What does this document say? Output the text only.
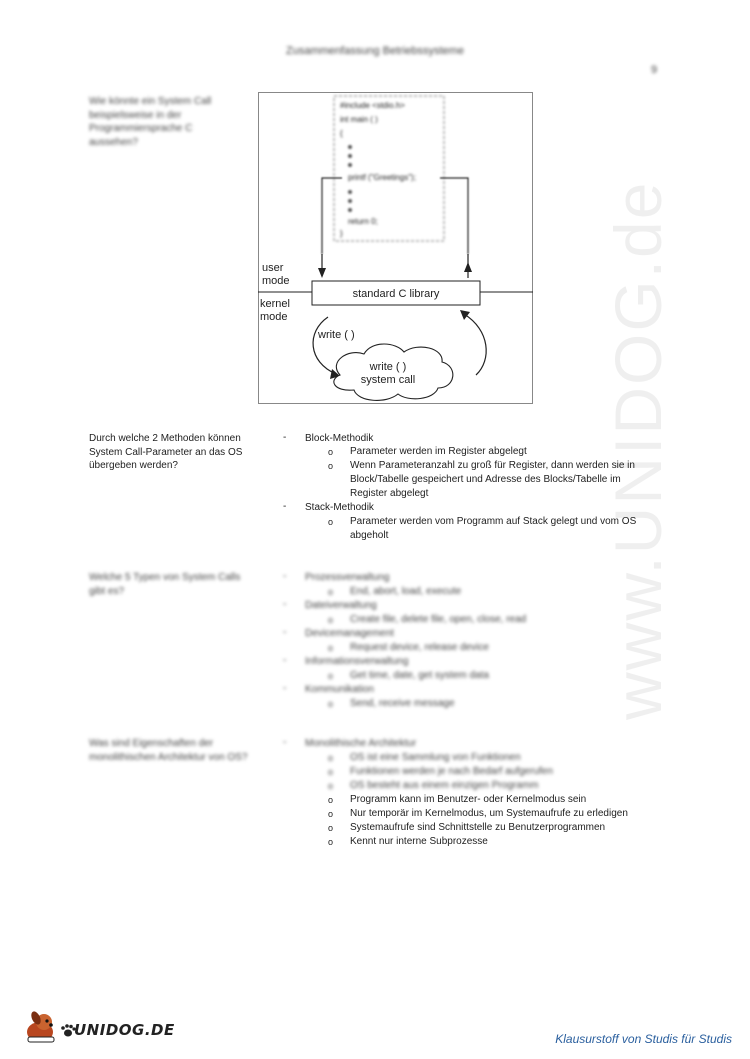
Zusammenfassung Betriebssysteme
9
www.UNIDOG.de
Wie könnte ein System Call beispielsweise in der Programmiersprache C aussehen?
#include <stdio.h>
int main ( )
{
printf ("Greetings");
return 0;
}
user mode
kernel mode
standard C library
write ( )
write ( ) system call
Durch welche 2 Methoden können System Call-Parameter an das OS übergeben werden?
- Block-Methodik
o Parameter werden im Register abgelegt
o Wenn Parameteranzahl zu groß für Register, dann werden sie in Block/Tabelle gespeichert und Adresse des Blocks/Tabelle im Register abgelegt
- Stack-Methodik
o Parameter werden vom Programm auf Stack gelegt und vom OS abgeholt
Welche 5 Typen von System Calls gibt es?
- Prozessverwaltung
o End, abort, load, execute
- Dateiverwaltung
o Create file, delete file, open, close, read
- Devicemanagement
o Request device, release device
- Informationsverwaltung
o Get time, date, get system data
- Kommunikation
o Send, receive message
Was sind Eigenschaften der monolithischen Architektur von OS?
- Monolithische Architektur
o OS ist eine Sammlung von Funktionen
o Funktionen werden je nach Bedarf aufgerufen
o OS besteht aus einem einzigen Programm
o Programm kann im Benutzer- oder Kernelmodus sein
o Nur temporär im Kernelmodus, um Systemaufrufe zu erledigen
o Systemaufrufe sind Schnittstelle zu Benutzerprogrammen
o Kennt nur interne Subprozesse
UNIDOG.DE	Klausurstoff von Studis für Studis
